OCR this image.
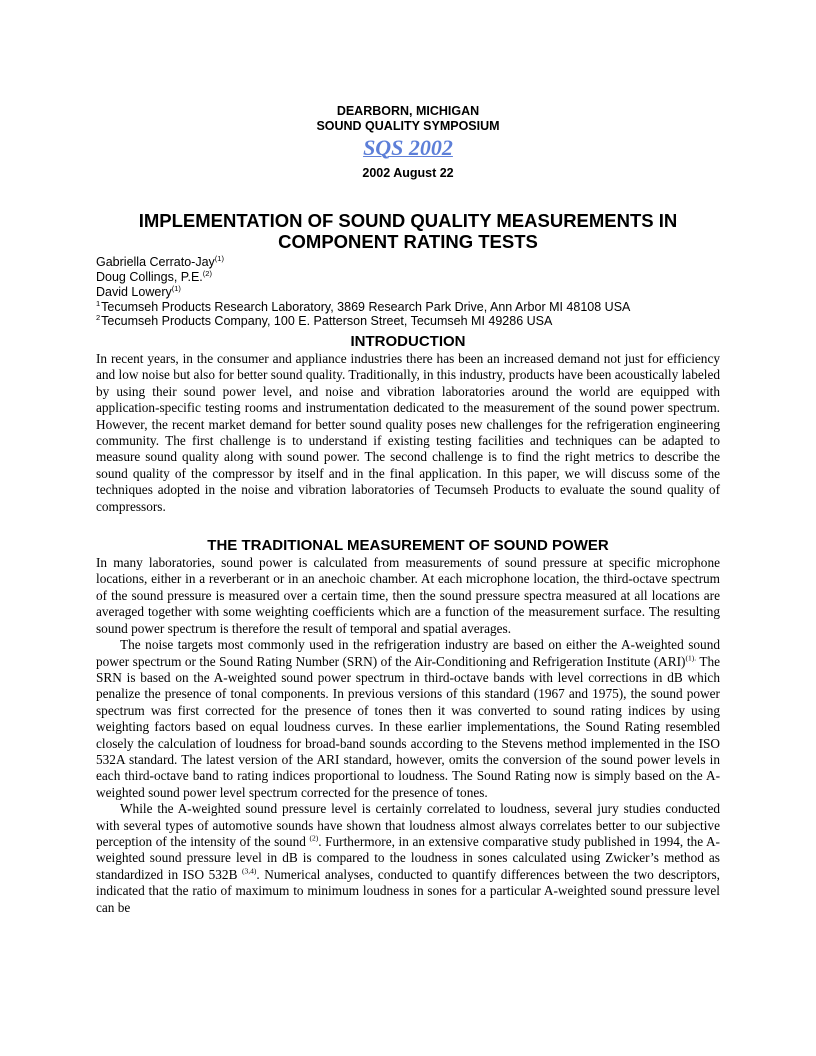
DEARBORN, MICHIGAN
SOUND QUALITY SYMPOSIUM
SQS 2002
2002 August 22
IMPLEMENTATION OF SOUND QUALITY MEASUREMENTS IN
COMPONENT RATING TESTS
Gabriella Cerrato-Jay$^{(1)}$
Doug Collings, P.E.$^{(2)}$
David Lowery$^{(1)}$
$^1$Tecumseh Products Research Laboratory, 3869 Research Park Drive, Ann Arbor MI 48108 USA
$^2$Tecumseh Products Company, 100 E. Patterson Street, Tecumseh MI 49286 USA
INTRODUCTION

In recent years, in the consumer and appliance industries there has been an increased demand not just for efficiency and low noise but also for better sound quality. Traditionally, in this industry, products have been acoustically labeled by using their sound power level, and noise and vibration laboratories around the world are equipped with application-specific testing rooms and instrumentation dedicated to the measurement of the sound power spectrum. However, the recent market demand for better sound quality poses new challenges for the refrigeration engineering community. The first challenge is to understand if existing testing facilities and techniques can be adapted to measure sound quality along with sound power. The second challenge is to find the right metrics to describe the sound quality of the compressor by itself and in the final application. In this paper, we will discuss some of the techniques adopted in the noise and vibration laboratories of Tecumseh Products to evaluate the sound quality of compressors.

THE TRADITIONAL MEASUREMENT OF SOUND POWER

In many laboratories, sound power is calculated from measurements of sound pressure at specific microphone locations, either in a reverberant or in an anechoic chamber. At each microphone location, the third-octave spectrum of the sound pressure is measured over a certain time, then the sound pressure spectra measured at all locations are averaged together with some weighting coefficients which are a function of the measurement surface. The resulting sound power spectrum is therefore the result of temporal and spatial averages.

The noise targets most commonly used in the refrigeration industry are based on either the A-weighted sound power spectrum or the Sound Rating Number (SRN) of the Air-Conditioning and Refrigeration Institute (ARI)$^{(1).}$ The SRN is based on the A-weighted sound power spectrum in third-octave bands with level corrections in dB which penalize the presence of tonal components. In previous versions of this standard (1967 and 1975), the sound power spectrum was first corrected for the presence of tones then it was converted to sound rating indices by using weighting factors based on equal loudness curves. In these earlier implementations, the Sound Rating resembled closely the calculation of loudness for broad-band sounds according to the Stevens method implemented in the ISO 532A standard. The latest version of the ARI standard, however, omits the conversion of the sound power levels in each third-octave band to rating indices proportional to loudness. The Sound Rating now is simply based on the A-weighted sound power level spectrum corrected for the presence of tones.

While the A-weighted sound pressure level is certainly correlated to loudness, several jury studies conducted with several types of automotive sounds have shown that loudness almost always correlates better to our subjective perception of the intensity of the sound $^{(2)}$. Furthermore, in an extensive comparative study published in 1994, the A-weighted sound pressure level in dB is compared to the loudness in sones calculated using Zwicker’s method as standardized in ISO 532B $^{(3,4)}$. Numerical analyses, conducted to quantify differences between the two descriptors, indicated that the ratio of maximum to minimum loudness in sones for a particular A-weighted sound pressure level can be
